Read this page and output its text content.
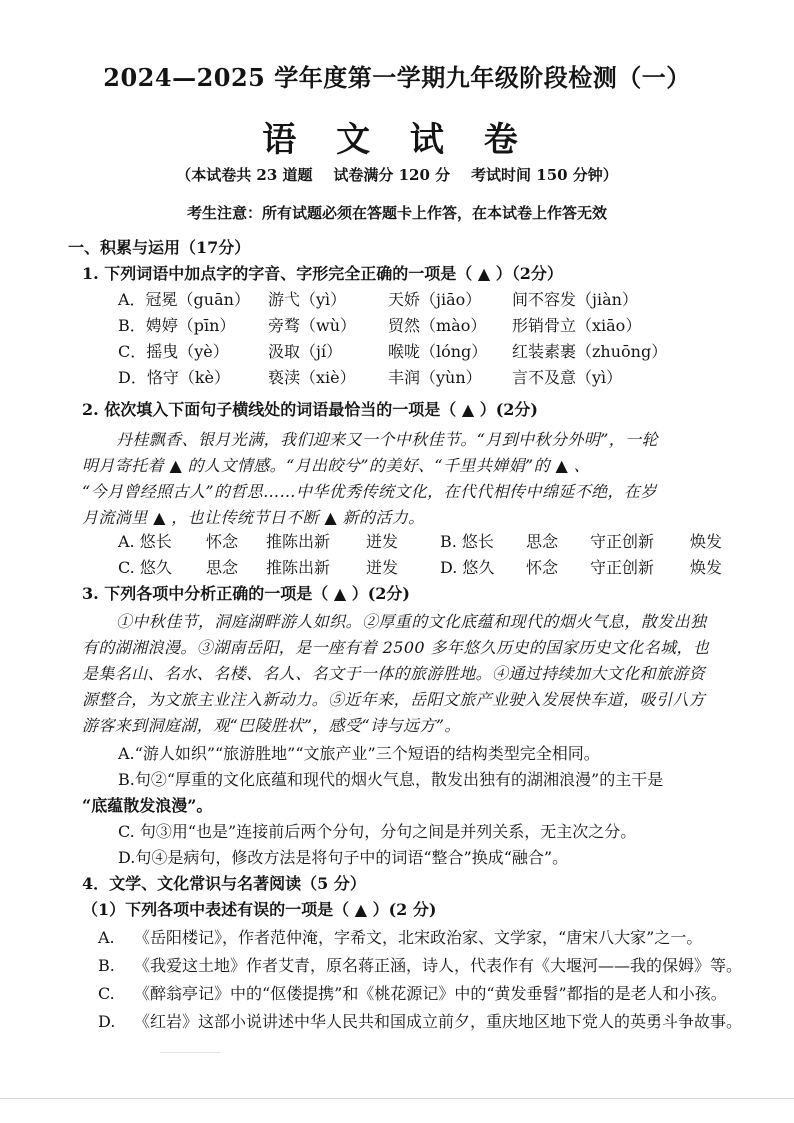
2024—2025 学年度第一学期九年级阶段检测（一）
语 文 试 卷
（本试卷共 23 道题    试卷满分 120 分    考试时间 150 分钟）
考生注意：所有试题必须在答题卡上作答，在本试卷上作答无效
一、积累与运用（17分）
1. 下列词语中加点字的字音、字形完全正确的一项是（ ▲ ）（2分）
A．冠冕（guān） 游弋（yì）	天娇（jiāo） 间不容发（jiàn）
B．娉婷（pīn） 旁骛（wù） 贸然（mào） 形销骨立（xiāo）
C．摇曳（yè） 汲取（jí）	喉咙（lóng） 红装素裹（zhuōng）
D．恪守（kè） 亵渎（xiè） 丰润（yùn） 言不及意（yì）
2. 依次填入下面句子横线处的词语最恰当的一项是（ ▲ ）(2分)
丹桂飘香、银月光满，我们迎来又一个中秋佳节。“月到中秋分外明”，一轮
明月寄托着 ▲ 的人文情感。“月出皎兮”的美好、“千里共婵娟”的 ▲ 、
“今月曾经照古人”的哲思……中华优秀传统文化，在代代相传中绵延不绝，在岁
月流淌里 ▲ ，也让传统节日不断 ▲ 新的活力。
A. 悠长 怀念 推陈出新 迸发	B. 悠长 思念 守正创新 焕发
C. 悠久 思念 推陈出新 迸发	D. 悠久 怀念 守正创新 焕发
3. 下列各项中分析正确的一项是（ ▲ ）(2分)
①中秋佳节，洞庭湖畔游人如织。②厚重的文化底蕴和现代的烟火气息，散发出独
有的湖湘浪漫。③湖南岳阳，是一座有着 2500 多年悠久历史的国家历史文化名城，也
是集名山、名水、名楼、名人、名文于一体的旅游胜地。④通过持续加大文化和旅游资
源整合，为文旅主业注入新动力。⑤近年来，岳阳文旅产业驶入发展快车道，吸引八方
游客来到洞庭湖，观“巴陵胜状”，感受“诗与远方”。
A.“游人如织”“旅游胜地”“文旅产业”三个短语的结构类型完全相同。
B.句②“厚重的文化底蕴和现代的烟火气息，散发出独有的湖湘浪漫”的主干是
“底蕴散发浪漫”。
C. 句③用“也是”连接前后两个分句，分句之间是并列关系，无主次之分。
D.句④是病句，修改方法是将句子中的词语“整合”换成“融合”。
4．文学、文化常识与名著阅读（5 分）
（1）下列各项中表述有误的一项是（ ▲ ）(2 分)
A. 《岳阳楼记》，作者范仲淹，字希文，北宋政治家、文学家，“唐宋八大家”之一。
B. 《我爱这土地》作者艾青，原名蒋正涵，诗人，代表作有《大堰河——我的保姆》等。
C. 《醉翁亭记》中的“伛偻提携”和《桃花源记》中的“黄发垂髫”都指的是老人和小孩。
D. 《红岩》这部小说讲述中华人民共和国成立前夕，重庆地区地下党人的英勇斗争故事。
